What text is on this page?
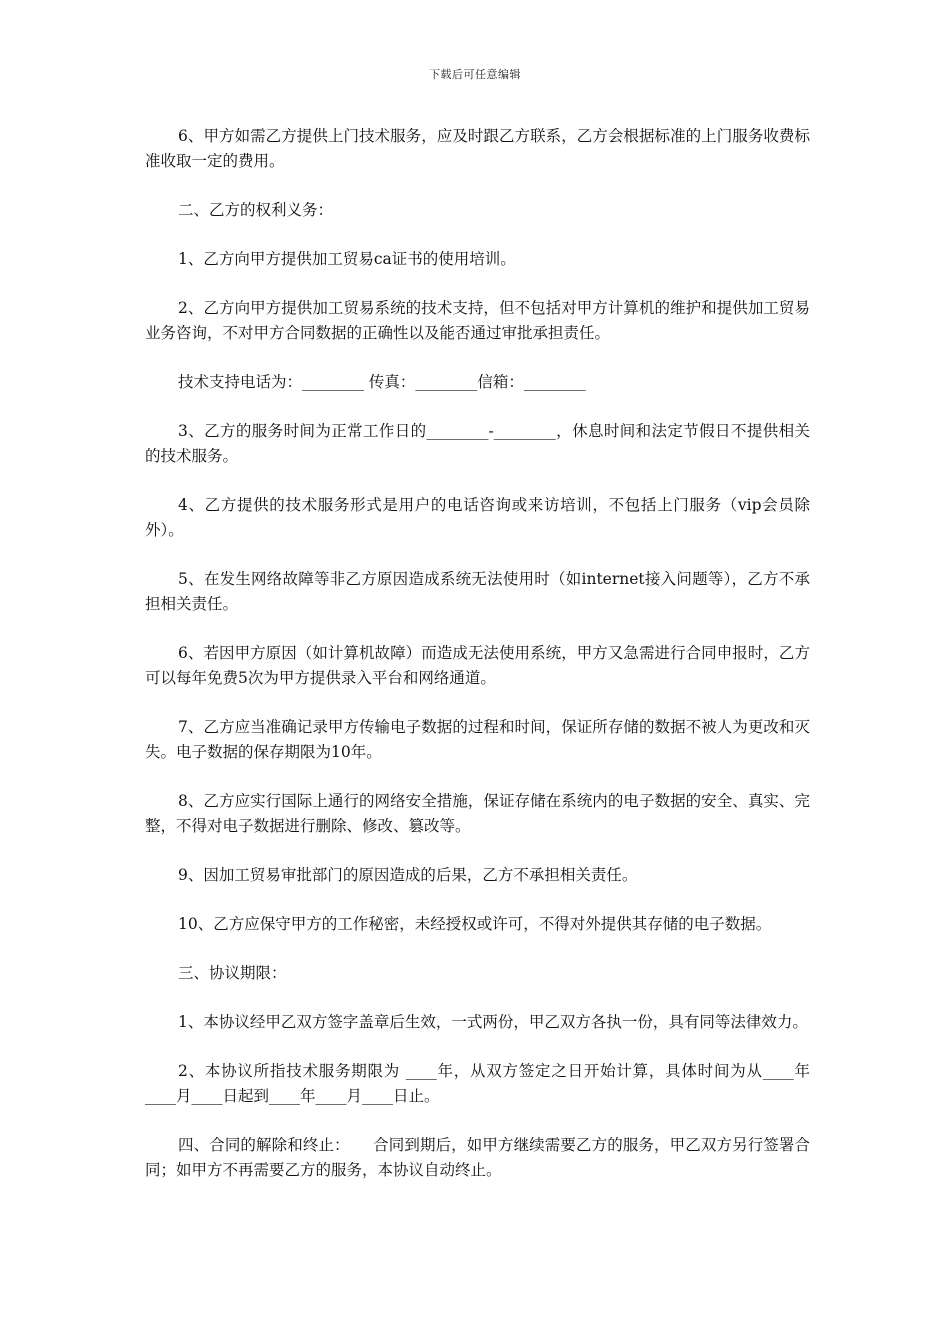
下载后可任意编辑

6、甲方如需乙方提供上门技术服务，应及时跟乙方联系，乙方会根据标准的上门服务收费标准收取一定的费用。

二、乙方的权利义务：

1、乙方向甲方提供加工贸易ca证书的使用培训。

2、乙方向甲方提供加工贸易系统的技术支持，但不包括对甲方计算机的维护和提供加工贸易业务咨询，不对甲方合同数据的正确性以及能否通过审批承担责任。

技术支持电话为：________ 传真：________信箱：________

3、乙方的服务时间为正常工作日的________-________，休息时间和法定节假日不提供相关的技术服务。

4、乙方提供的技术服务形式是用户的电话咨询或来访培训，不包括上门服务（vip会员除外）。

5、在发生网络故障等非乙方原因造成系统无法使用时（如internet接入问题等），乙方不承担相关责任。

6、若因甲方原因（如计算机故障）而造成无法使用系统，甲方又急需进行合同申报时，乙方可以每年免费5次为甲方提供录入平台和网络通道。

7、乙方应当准确记录甲方传输电子数据的过程和时间，保证所存储的数据不被人为更改和灭失。电子数据的保存期限为10年。

8、乙方应实行国际上通行的网络安全措施，保证存储在系统内的电子数据的安全、真实、完整，不得对电子数据进行删除、修改、篡改等。

9、因加工贸易审批部门的原因造成的后果，乙方不承担相关责任。

10、乙方应保守甲方的工作秘密，未经授权或许可，不得对外提供其存储的电子数据。

三、协议期限：

1、本协议经甲乙双方签字盖章后生效，一式两份，甲乙双方各执一份，具有同等法律效力。

2、本协议所指技术服务期限为 ____年，从双方签定之日开始计算，具体时间为从____年____月____日起到____年____月____日止。

四、合同的解除和终止：　　合同到期后，如甲方继续需要乙方的服务，甲乙双方另行签署合同；如甲方不再需要乙方的服务，本协议自动终止。
